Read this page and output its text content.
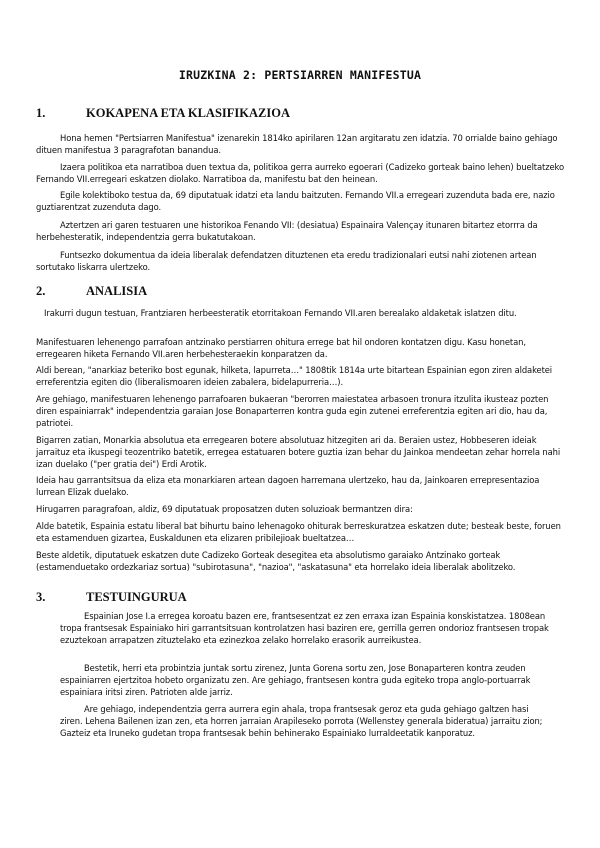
IRUZKINA 2: PERTSIARREN MANIFESTUA
1.	KOKAPENA ETA KLASIFIKAZIOA

Hona hemen "Pertsiarren Manifestua" izenarekin 1814ko apirilaren 12an argitaratu zen idatzia. 70 orrialde baino gehiago dituen manifestua 3 paragrafotan banandua.

Izaera politikoa eta narratiboa duen textua da, politikoa gerra aurreko egoerari (Cadizeko gorteak baino lehen) bueltatzeko Fernando VII.erregeari eskatzen diolako. Narratiboa da, manifestu bat den heinean.

Egile kolektiboko testua da, 69 diputatuak idatzi eta landu baitzuten. Fernando VII.a erregeari zuzenduta bada ere, nazio guztiarentzat zuzenduta dago.

Aztertzen ari garen testuaren une historikoa Fenando VII: (desiatua) Espainaira Valençay itunaren bitartez etorrra da herbehesteratik, independentzia gerra bukatutakoan.

Funtsezko dokumentua da ideia liberalak defendatzen dituztenen eta eredu tradizionalari eutsi nahi ziotenen artean sortutako liskarra ulertzeko.

2.	ANALISIA

Irakurri dugun testuan, Frantziaren herbeesteratik etorritakoan Fernando VII.aren berealako aldaketak islatzen ditu.

Manifestuaren lehenengo parrafoan antzinako perstiarren ohitura errege bat hil ondoren kontatzen digu. Kasu honetan, erregearen hiketa Fernando VII.aren herbehesteraekin konparatzen da.

Aldi berean, "anarkiaz beteriko bost egunak, hilketa, lapurreta…" 1808tik 1814a urte bitartean Espainian egon ziren aldaketei erreferentzia egiten dio (liberalismoaren ideien zabalera, bidelapurreria…).

Are gehiago, manifestuaren lehenengo parrafoaren bukaeran "berorren maiestatea arbasoen tronura itzulita ikusteaz pozten diren espainiarrak" independentzia garaian Jose Bonaparterren kontra guda egin zutenei erreferentzia egiten ari dio, hau da, patriotei.

Bigarren zatian, Monarkia absolutua eta erregearen botere absolutuaz hitzegiten ari da. Beraien ustez, Hobbeseren ideiak jarraituz eta ikuspegi teozentriko batetik, erregea estatuaren botere guztia izan behar du Jainkoa mendeetan zehar horrela nahi izan duelako ("per gratia dei") Erdi Arotik.

Ideia hau garrantsitsua da eliza eta monarkiaren artean dagoen harremana ulertzeko, hau da, Jainkoaren errepresentazioa lurrean Elizak duelako.

Hirugarren paragrafoan, aldiz, 69 diputatuak proposatzen duten soluzioak bermantzen dira:

Alde batetik, Espainia estatu liberal bat bihurtu baino lehenagoko ohiturak berreskuratzea eskatzen dute; besteak beste, foruen eta estamenduen gizartea, Euskaldunen eta elizaren pribilejioak bueltatzea…

Beste aldetik, diputatuek eskatzen dute Cadizeko Gorteak desegitea eta absolutismo garaiako Antzinako gorteak (estamenduetako ordezkariaz sortua) "subirotasuna", "nazioa", "askatasuna" eta horrelako ideia liberalak abolitzeko.

3.	TESTUINGURUA

Espainian Jose I.a erregea koroatu bazen ere, frantsesentzat ez zen erraxa izan Espainia konskistatzea. 1808ean tropa frantsesak Espainiako hiri garrantsitsuan kontrolatzen hasi baziren ere, gerrilla gerren ondorioz frantsesen tropak ezuztekoan arrapatzen zituztelako eta ezinezkoa zelako horrelako erasorik aurreikustea.

Bestetik, herri eta probintzia juntak sortu zirenez, Junta Gorena sortu zen, Jose Bonaparteren kontra zeuden espainiarren ejertzitoa hobeto organizatu zen. Are gehiago, frantsesen kontra guda egiteko tropa anglo-portuarrak espainiara iritsi ziren. Patrioten alde jarriz.

Are gehiago, independentzia gerra aurrera egin ahala, tropa frantsesak geroz eta guda gehiago galtzen hasi ziren. Lehena Bailenen izan zen, eta horren jarraian Arapileseko porrota (Wellenstey generala bideratua) jarraitu zion; Gazteiz eta Iruneko gudetan tropa frantsesak behin behinerako Espainiako lurraldeetatik kanporatuz.
